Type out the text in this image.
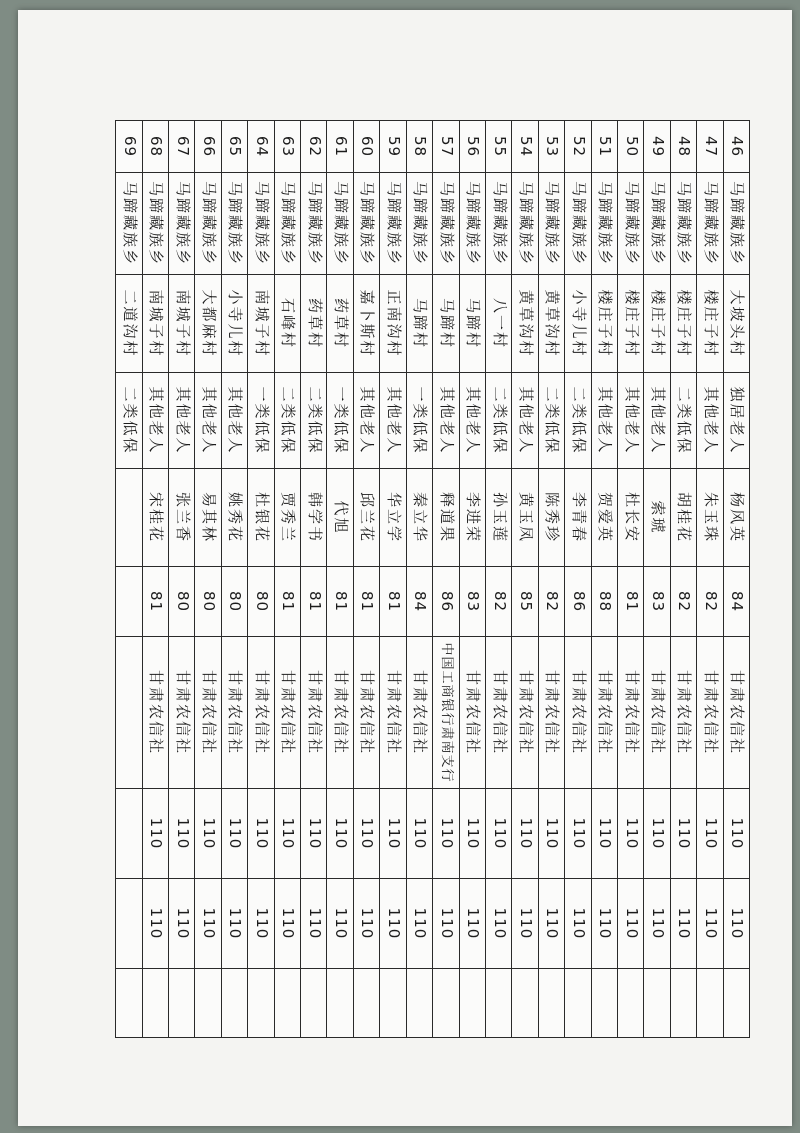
46	马蹄藏族乡	大坡头村	独居老人	杨风英	84	甘肃农信社	110	110	
47	马蹄藏族乡	楼庄子村	其他老人	朱玉珠	82	甘肃农信社	110	110	
48	马蹄藏族乡	楼庄子村	二类低保	胡桂花	82	甘肃农信社	110	110	
49	马蹄藏族乡	楼庄子村	其他老人	索琥	83	甘肃农信社	110	110	
50	马蹄藏族乡	楼庄子村	其他老人	杜长安	81	甘肃农信社	110	110	
51	马蹄藏族乡	楼庄子村	其他老人	贺爱英	88	甘肃农信社	110	110	
52	马蹄藏族乡	小寺儿村	二类低保	李青春	86	甘肃农信社	110	110	
53	马蹄藏族乡	黄草沟村	二类低保	陈秀珍	82	甘肃农信社	110	110	
54	马蹄藏族乡	黄草沟村	其他老人	黄玉凤	85	甘肃农信社	110	110	
55	马蹄藏族乡	八一村	二类低保	孙玉莲	82	甘肃农信社	110	110	
56	马蹄藏族乡	马蹄村	其他老人	李进荣	83	甘肃农信社	110	110	
57	马蹄藏族乡	马蹄村	其他老人	释道果	86	中国工商银行肃南支行	110	110	
58	马蹄藏族乡	马蹄村	一类低保	秦立华	84	甘肃农信社	110	110	
59	马蹄藏族乡	正南沟村	其他老人	华立学	81	甘肃农信社	110	110	
60	马蹄藏族乡	嘉卜斯村	其他老人	邱兰花	81	甘肃农信社	110	110	
61	马蹄藏族乡	药草村	一类低保	代旭	81	甘肃农信社	110	110	
62	马蹄藏族乡	药草村	二类低保	韩学书	81	甘肃农信社	110	110	
63	马蹄藏族乡	石峰村	二类低保	贾秀兰	81	甘肃农信社	110	110	
64	马蹄藏族乡	南城子村	一类低保	杜银花	80	甘肃农信社	110	110	
65	马蹄藏族乡	小寺儿村	其他老人	姚秀花	80	甘肃农信社	110	110	
66	马蹄藏族乡	大都麻村	其他老人	易其林	80	甘肃农信社	110	110	
67	马蹄藏族乡	南城子村	其他老人	张兰香	80	甘肃农信社	110	110	
68	马蹄藏族乡	南城子村	其他老人	宋桂花	81	甘肃农信社	110	110	
69	马蹄藏族乡	二道沟村	二类低保						
